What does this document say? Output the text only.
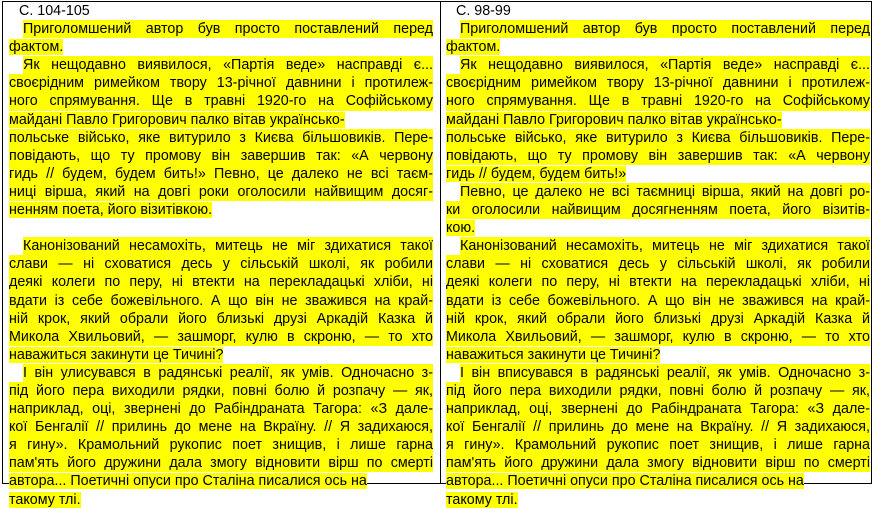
С. 104-105
Приголомшений автор був просто поставлений перед
фактом.
Як нещодавно виявилося, «Партія веде» насправді є...
своєрідним римейком твору 13-річної давнини і протилеж-
ного спрямування. Ще в травні 1920-го на Софійському
майдані Павло Григорович палко вітав українсько-
польське військо, яке витурило з Києва більшовиків. Пере-
повідають, що ту промову він завершив так: «А червону
гидь // будем, будем бить!» Певно, це далеко не всі таєм-
ниці вірша, який на довгі роки оголосили найвищим досяг-
ненням поета, його візитівкою.
Канонізований несамохіть, митець не міг здихатися такої
слави — ні сховатися десь у сільській школі, як робили
деякі колеги по перу, ні втекти на перекладацькі хліби, ні
вдати із себе божевільного. А що він не зважився на край-
ній крок, який обрали його близькі друзі Аркадій Казка й
Микола Хвильовий, — зашморг, кулю в скроню, — то хто
наважиться закинути це Тичині?
І він улисувався в радянські реалії, як умів. Одночасно з-
під його пера виходили рядки, повні болю й розпачу — як,
наприклад, оці, звернені до Рабіндраната Тагора: «З далe-
кої Бенгалії // прилинь до мене на Вкраїну. // Я задихаюся,
я гину». Крамольний рукопис поет знищив, і лише гарна
пам'ять його дружини дала змогу відновити вірш по смерті
автора... Поетичні опуси про Сталіна писалися ось на
такому тлі.
С. 98-99
Приголомшений автор був просто поставлений перед
фактом.
Як нещодавно виявилося, «Партія веде» насправді є...
своєрідним римейком твору 13-річної давнини і протилеж-
ного спрямування. Ще в травні 1920-го на Софійському
майдані Павло Григорович палко вітав українсько-
польське військо, яке витурило з Києва більшовиків. Пере-
повідають, що ту промову він завершив так: «А червону
гидь // будем, будем бить!»
Певно, це далеко не всі таємниці вірша, який на довгі ро-
ки оголосили найвищим досягненням поета, його візитів-
кою.
Канонізований несамохіть, митець не міг здихатися такої
слави — ні сховатися десь у сільській школі, як робили
деякі колеги по перу, ні втекти на перекладацькі хліби, ні
вдати із себе божевільного. А що він не зважився на край-
ній крок, який обрали його близькі друзі Аркадій Казка й
Микола Хвильовий, — зашморг, кулю в скроню, — то хто
наважиться закинути це Тичині?
І він вписувався в радянські реалії, як умів. Одночасно з-
під його пера виходили рядки, повні болю й розпачу — як,
наприклад, оці, звернені до Рабіндраната Тагора: «З дале-
кої Бенгалії // прилинь до мене на Вкраїну. // Я задихаюся,
я гину». Крамольний рукопис поет знищив, і лише гарна
пам'ять його дружини дала змогу відновити вірш по смерті
автора... Поетичні опуси про Сталіна писалися ось на
такому тлі.
